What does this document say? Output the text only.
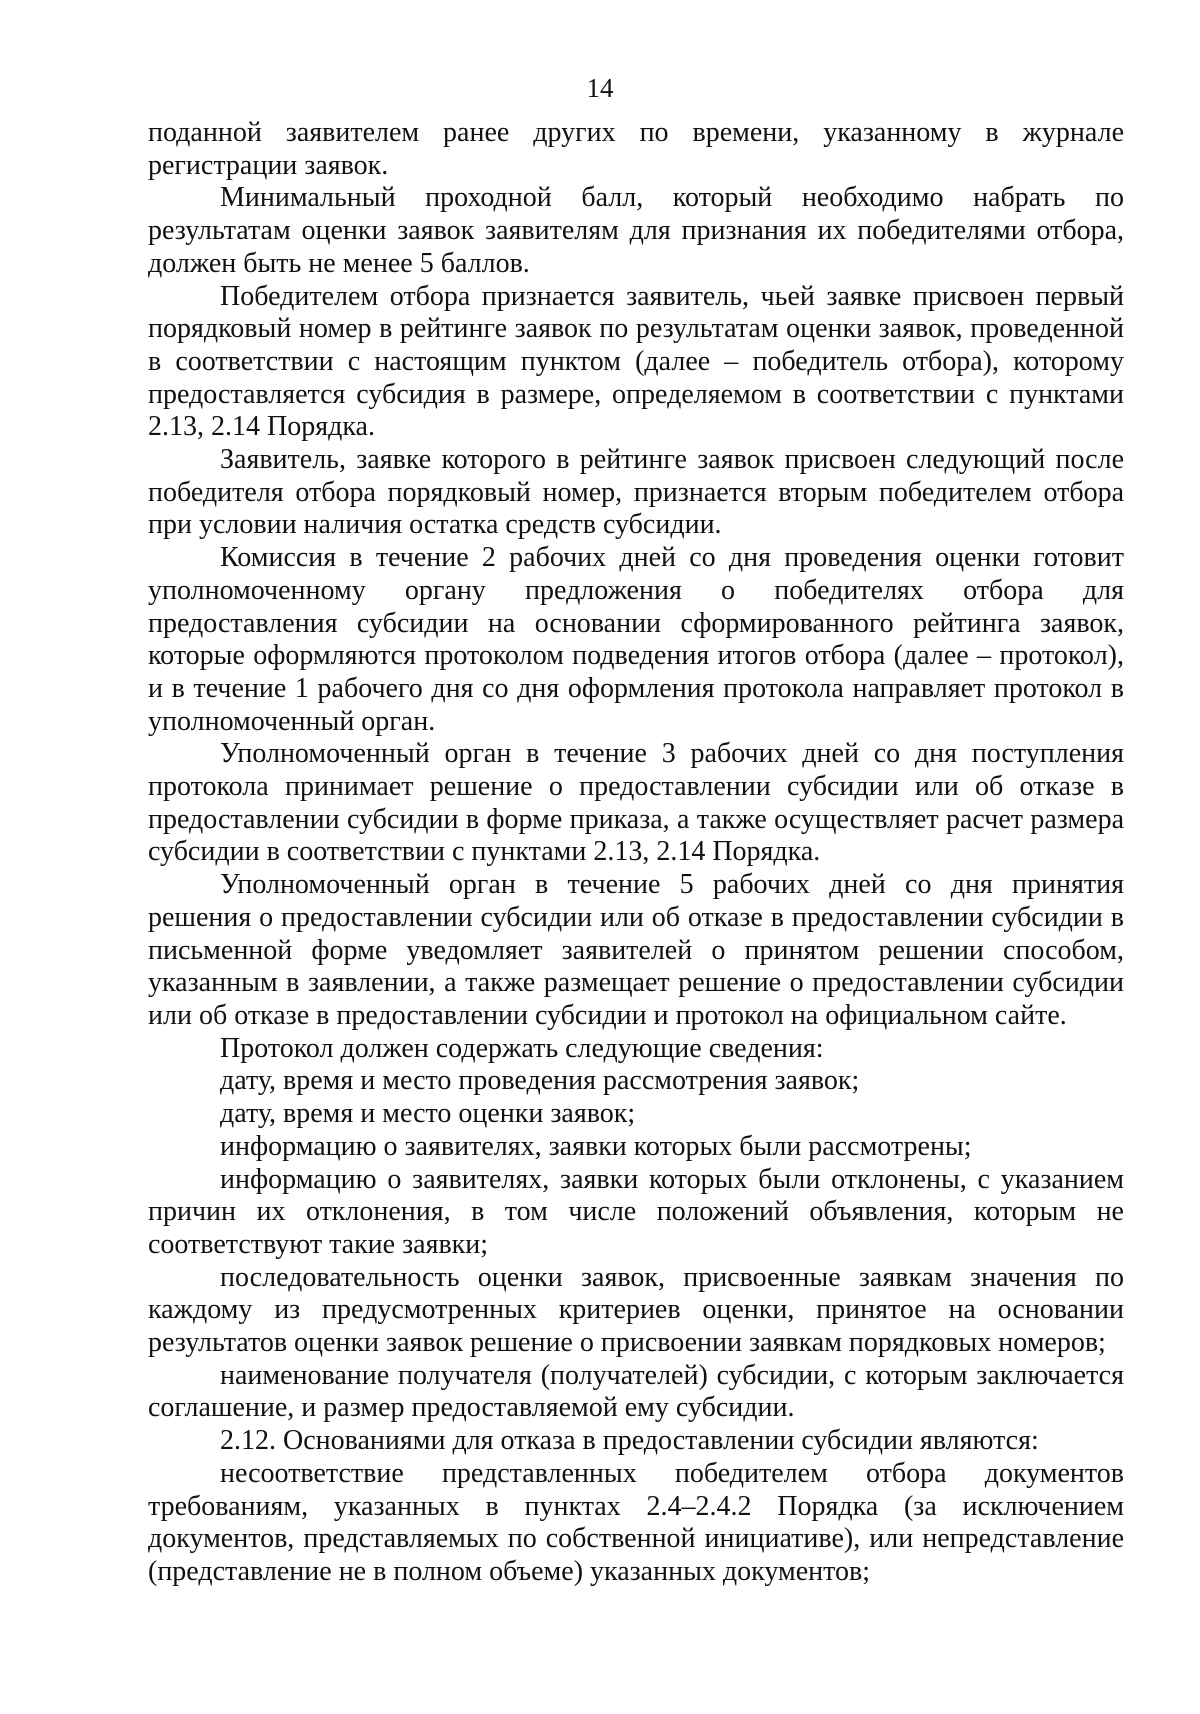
14

поданной заявителем ранее других по времени, указанному в журнале регистрации заявок.

Минимальный проходной балл, который необходимо набрать по результатам оценки заявок заявителям для признания их победителями отбора, должен быть не менее 5 баллов.

Победителем отбора признается заявитель, чьей заявке присвоен первый порядковый номер в рейтинге заявок по результатам оценки заявок, проведенной в соответствии с настоящим пунктом (далее – победитель отбора), которому предоставляется субсидия в размере, определяемом в соответствии с пунктами 2.13, 2.14 Порядка.

Заявитель, заявке которого в рейтинге заявок присвоен следующий после победителя отбора порядковый номер, признается вторым победителем отбора при условии наличия остатка средств субсидии.

Комиссия в течение 2 рабочих дней со дня проведения оценки готовит уполномоченному органу предложения о победителях отбора для предоставления субсидии на основании сформированного рейтинга заявок, которые оформляются протоколом подведения итогов отбора (далее – протокол), и в течение 1 рабочего дня со дня оформления протокола направляет протокол в уполномоченный орган.

Уполномоченный орган в течение 3 рабочих дней со дня поступления протокола принимает решение о предоставлении субсидии или об отказе в предоставлении субсидии в форме приказа, а также осуществляет расчет размера субсидии в соответствии с пунктами 2.13, 2.14 Порядка.

Уполномоченный орган в течение 5 рабочих дней со дня принятия решения о предоставлении субсидии или об отказе в предоставлении субсидии в письменной форме уведомляет заявителей о принятом решении способом, указанным в заявлении, а также размещает решение о предоставлении субсидии или об отказе в предоставлении субсидии и протокол на официальном сайте.

Протокол должен содержать следующие сведения:

дату, время и место проведения рассмотрения заявок;

дату, время и место оценки заявок;

информацию о заявителях, заявки которых были рассмотрены;

информацию о заявителях, заявки которых были отклонены, с указанием причин их отклонения, в том числе положений объявления, которым не соответствуют такие заявки;

последовательность оценки заявок, присвоенные заявкам значения по каждому из предусмотренных критериев оценки, принятое на основании результатов оценки заявок решение о присвоении заявкам порядковых номеров;

наименование получателя (получателей) субсидии, с которым заключается соглашение, и размер предоставляемой ему субсидии.

2.12. Основаниями для отказа в предоставлении субсидии являются:

несоответствие представленных победителем отбора документов требованиям, указанных в пунктах 2.4–2.4.2 Порядка (за исключением документов, представляемых по собственной инициативе), или непредставление (представление не в полном объеме) указанных документов;
